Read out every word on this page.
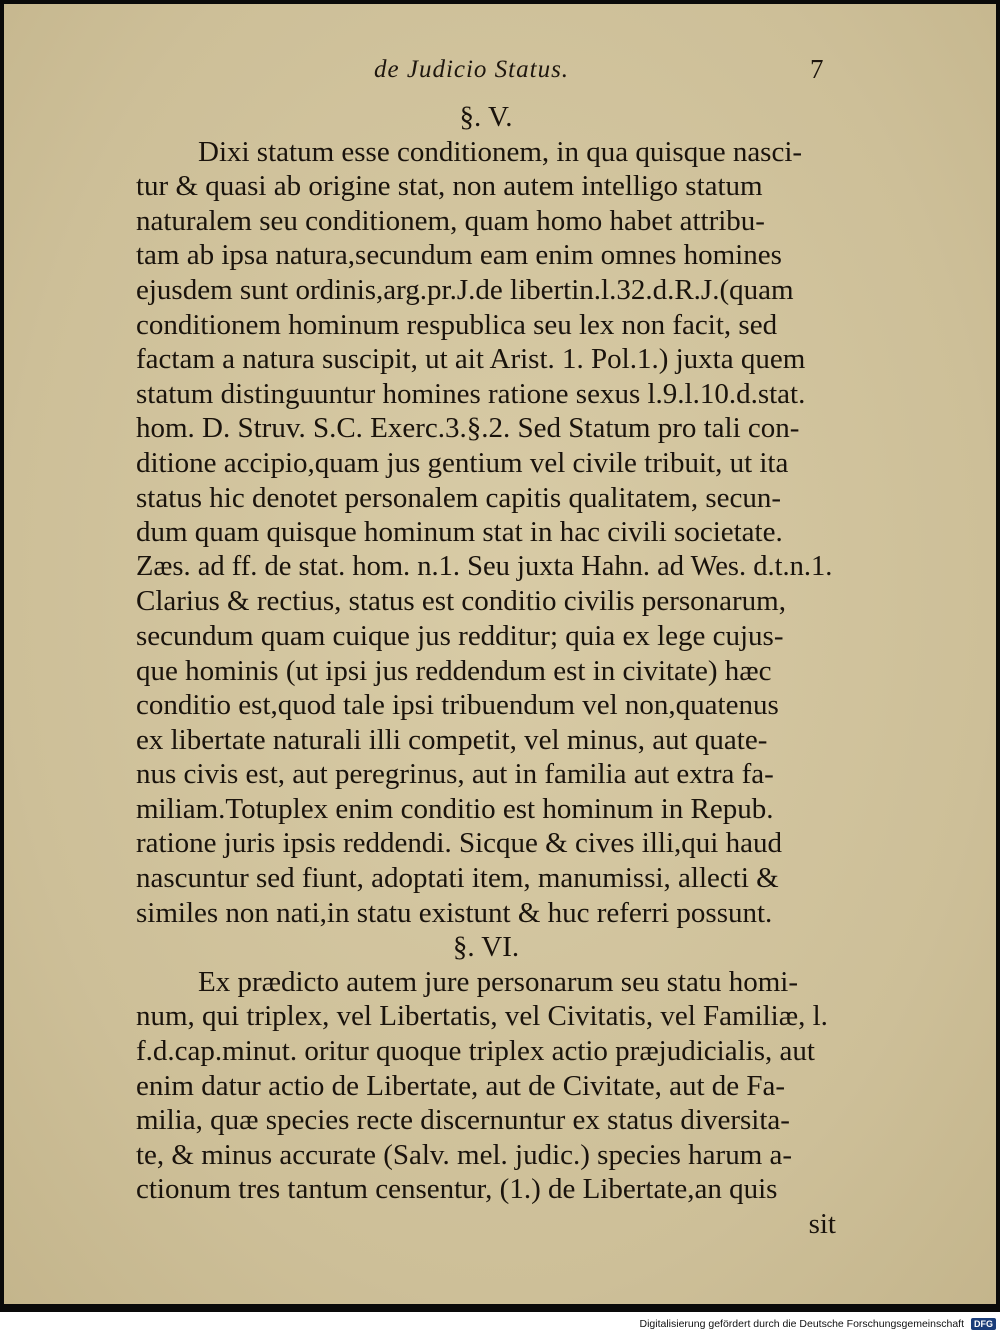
de Judicio Status.	7
§. V.
Dixi statum esse conditionem, in qua quisque nasci-
tur & quasi ab origine stat, non autem intelligo statum
naturalem seu conditionem, quam homo habet attribu-
tam ab ipsa natura,secundum eam enim omnes homines
ejusdem sunt ordinis,arg.pr.J.de libertin.l.32.d.R.J.(quam
conditionem hominum respublica seu lex non facit, sed
factam a natura suscipit, ut ait Arist. 1. Pol.1.) juxta quem
statum distinguuntur homines ratione sexus l.9.l.10.d.stat.
hom. D. Struv. S.C. Exerc.3.§.2. Sed Statum pro tali con-
ditione accipio,quam jus gentium vel civile tribuit, ut ita
status hic denotet personalem capitis qualitatem, secun-
dum quam quisque hominum stat in hac civili societate.
Zæs. ad ff. de stat. hom. n.1. Seu juxta Hahn. ad Wes. d.t.n.1.
Clarius & rectius, status est conditio civilis personarum,
secundum quam cuique jus redditur; quia ex lege cujus-
que hominis (ut ipsi jus reddendum est in civitate) hæc
conditio est,quod tale ipsi tribuendum vel non,quatenus
ex libertate naturali illi competit, vel minus, aut quate-
nus civis est, aut peregrinus, aut in familia aut extra fa-
miliam.Totuplex enim conditio est hominum in Repub.
ratione juris ipsis reddendi. Sicque & cives illi,qui haud
nascuntur sed fiunt, adoptati item, manumissi, allecti &
similes non nati,in statu existunt & huc referri possunt.
§. VI.
Ex prædicto autem jure personarum seu statu homi-
num, qui triplex, vel Libertatis, vel Civitatis, vel Familiæ, l.
f.d.cap.minut. oritur quoque triplex actio præjudicialis, aut
enim datur actio de Libertate, aut de Civitate, aut de Fa-
milia, quæ species recte discernuntur ex status diversita-
te, & minus accurate (Salv. mel. judic.) species harum a-
ctionum tres tantum censentur, (1.) de Libertate,an quis
sit
Digitalisierung gefördert durch die Deutsche Forschungsgemeinschaft	DFG
